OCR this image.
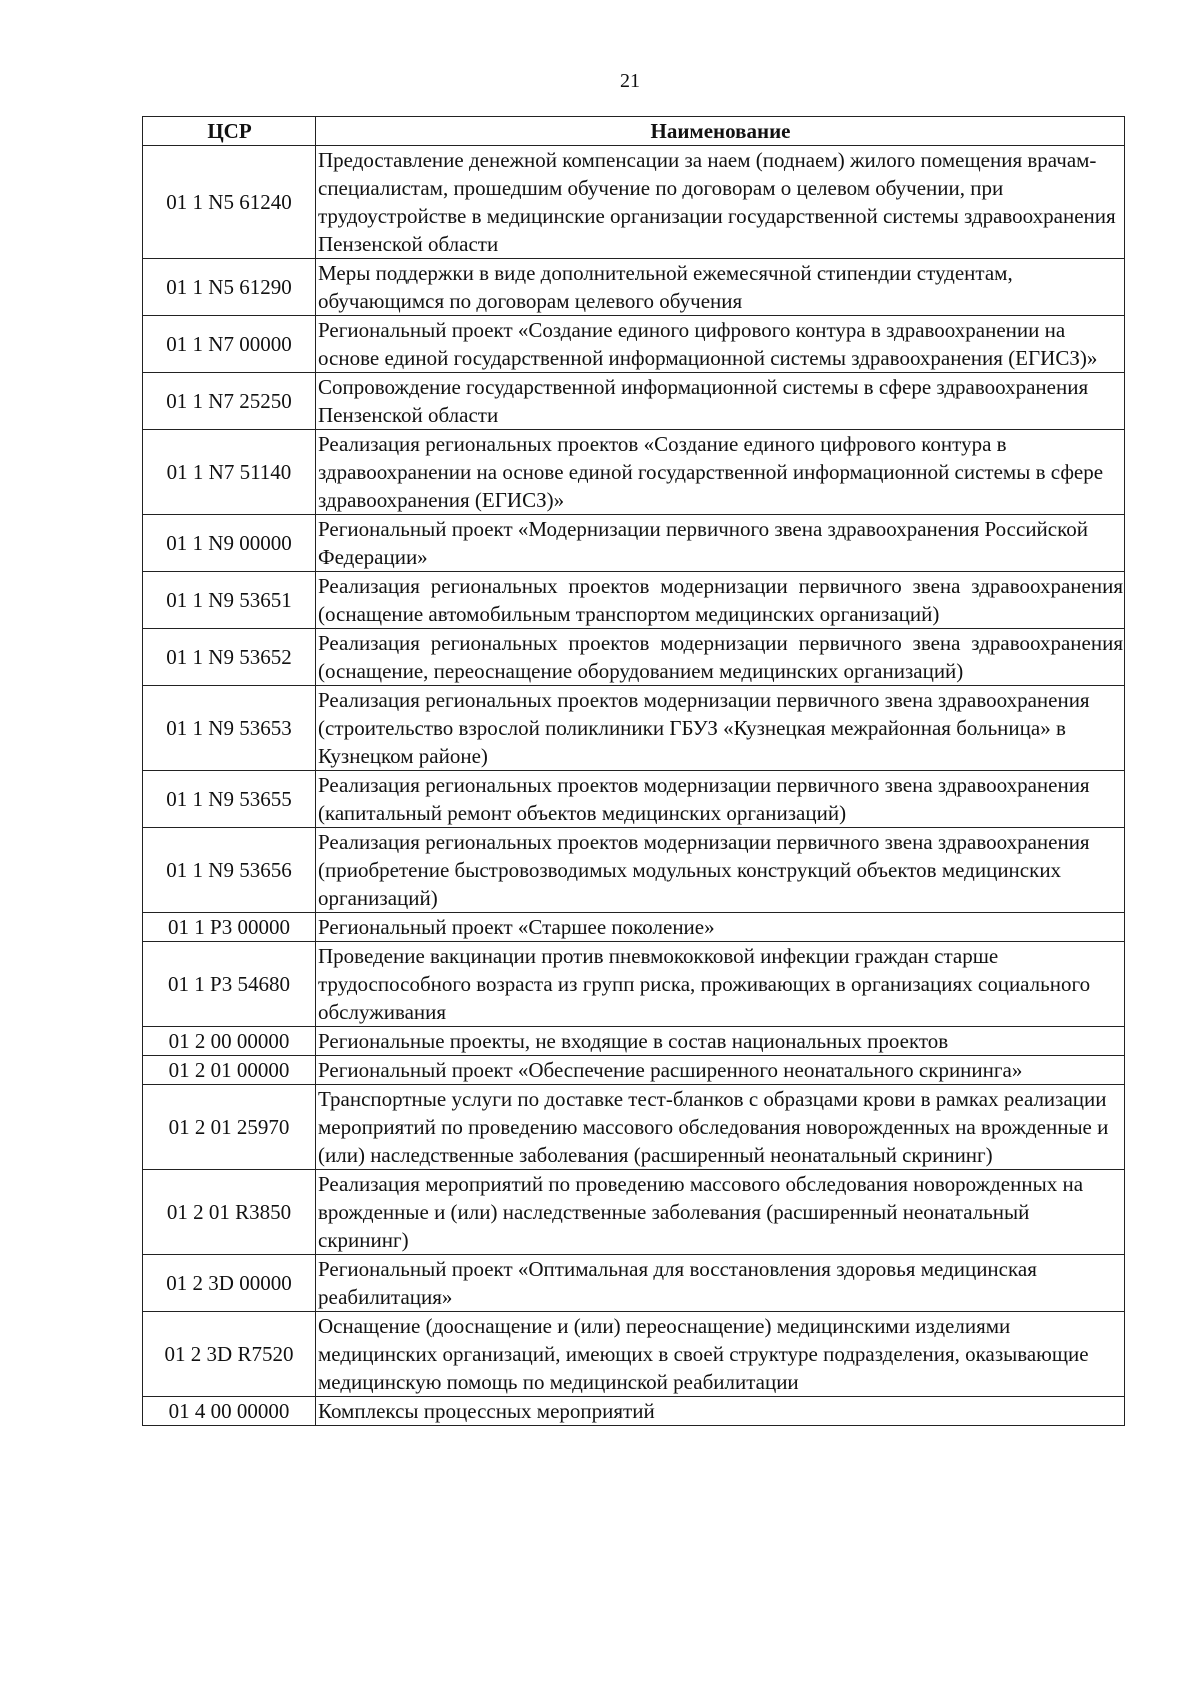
21
ЦСР	Наименование
01 1 N5 61240	Предоставление денежной компенсации за наем (поднаем) жилого помещения врачам-специалистам, прошедшим обучение по договорам о целевом обучении, при трудоустройстве в медицинские организации государственной системы здравоохранения Пензенской области
01 1 N5 61290	Меры поддержки в виде дополнительной ежемесячной стипендии студентам, обучающимся по договорам целевого обучения
01 1 N7 00000	Региональный проект «Создание единого цифрового контура в здравоохранении на основе единой государственной информационной системы здравоохранения (ЕГИСЗ)»
01 1 N7 25250	Сопровождение государственной информационной системы в сфере здравоохранения Пензенской области
01 1 N7 51140	Реализация региональных проектов «Создание единого цифрового контура в здравоохранении на основе единой государственной информационной системы в сфере здравоохранения (ЕГИСЗ)»
01 1 N9 00000	Региональный проект «Модернизации первичного звена здравоохранения Российской Федерации»
01 1 N9 53651	Реализация региональных проектов модернизации первичного звена здравоохранения (оснащение автомобильным транспортом медицинских организаций)
01 1 N9 53652	Реализация региональных проектов модернизации первичного звена здравоохранения (оснащение, переоснащение оборудованием медицинских организаций)
01 1 N9 53653	Реализация региональных проектов модернизации первичного звена здравоохранения (строительство взрослой поликлиники ГБУЗ «Кузнецкая межрайонная больница» в Кузнецком районе)
01 1 N9 53655	Реализация региональных проектов модернизации первичного звена здравоохранения (капитальный ремонт объектов медицинских организаций)
01 1 N9 53656	Реализация региональных проектов модернизации первичного звена здравоохранения (приобретение быстровозводимых модульных конструкций объектов медицинских организаций)
01 1 P3 00000	Региональный проект «Старшее поколение»
01 1 P3 54680	Проведение вакцинации против пневмококковой инфекции граждан старше трудоспособного возраста из групп риска, проживающих в организациях социального обслуживания
01 2 00 00000	Региональные проекты, не входящие в состав национальных проектов
01 2 01 00000	Региональный проект «Обеспечение расширенного неонатального скрининга»
01 2 01 25970	Транспортные услуги по доставке тест-бланков с образцами крови в рамках реализации мероприятий по проведению массового обследования новорожденных на врожденные и (или) наследственные заболевания (расширенный неонатальный скрининг)
01 2 01 R3850	Реализация мероприятий по проведению массового обследования новорожденных на врожденные и (или) наследственные заболевания (расширенный неонатальный скрининг)
01 2 3D 00000	Региональный проект «Оптимальная для восстановления здоровья медицинская реабилитация»
01 2 3D R7520	Оснащение (дооснащение и (или) переоснащение) медицинскими изделиями медицинских организаций, имеющих в своей структуре подразделения, оказывающие медицинскую помощь по медицинской реабилитации
01 4 00 00000	Комплексы процессных мероприятий
